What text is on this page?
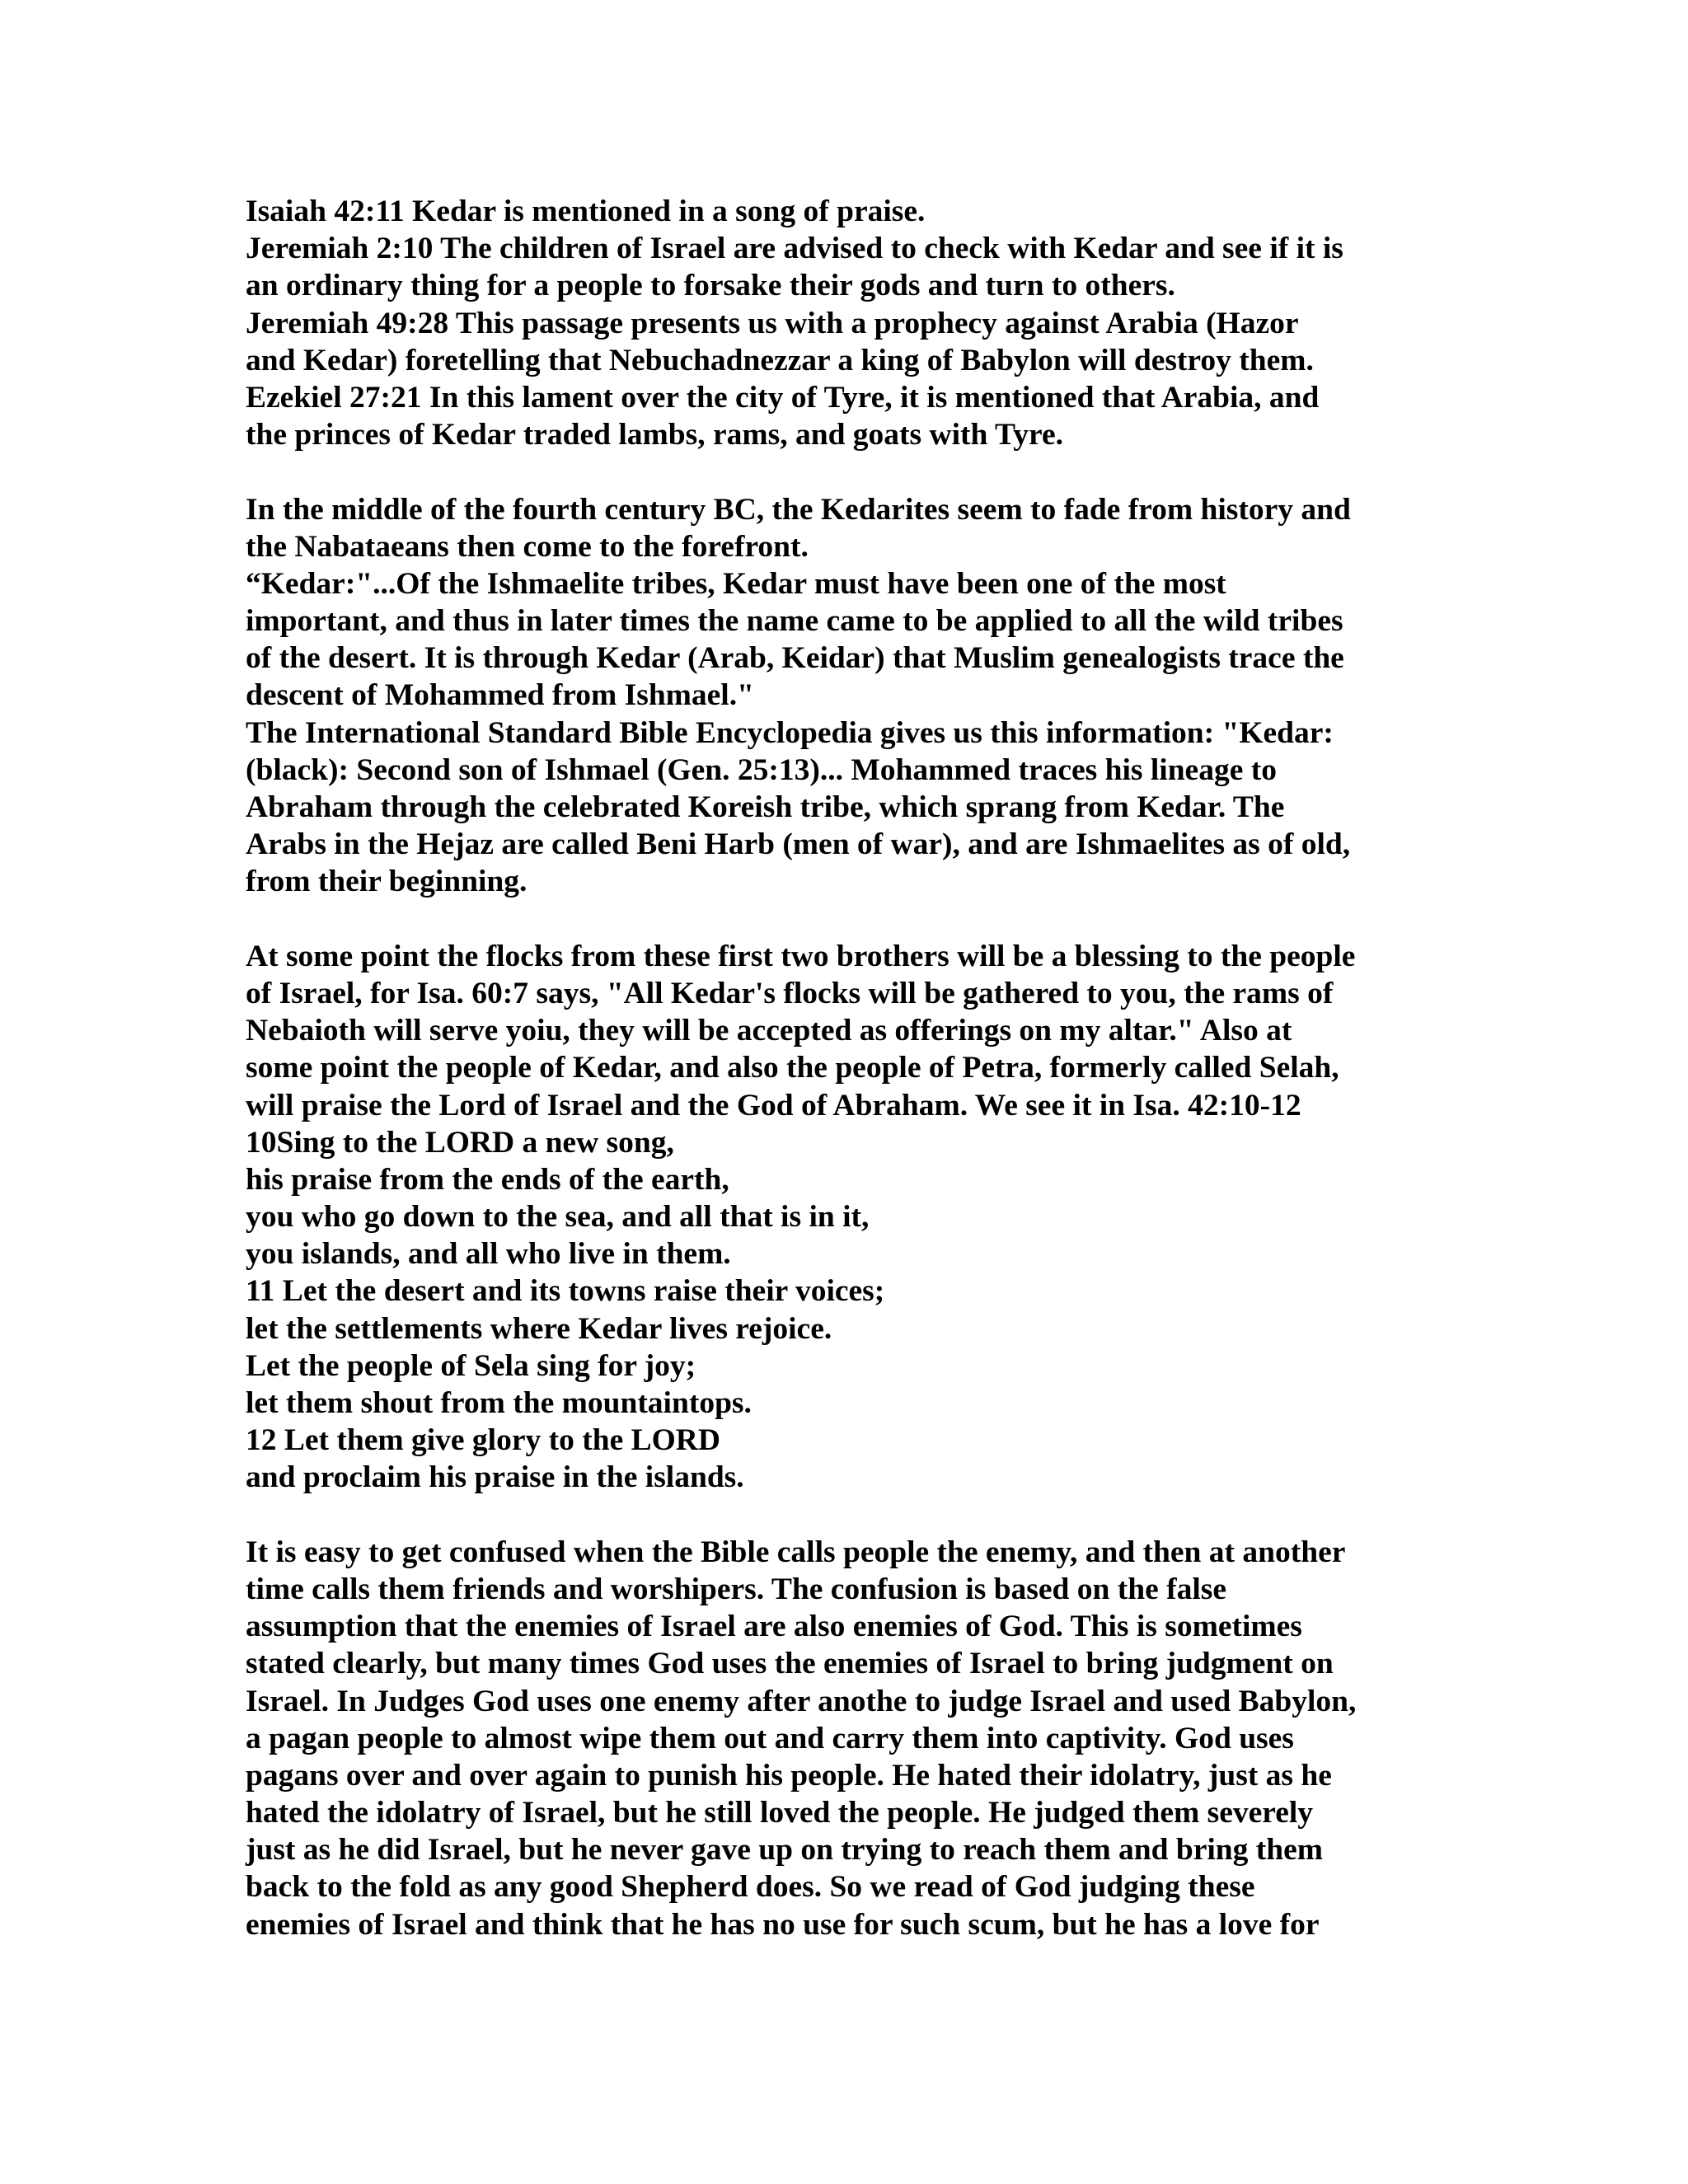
Isaiah 42:11 Kedar is mentioned in a song of praise.
Jeremiah 2:10 The children of Israel are advised to check with Kedar and see if it is
an ordinary thing for a people to forsake their gods and turn to others.
Jeremiah 49:28 This passage presents us with a prophecy against Arabia (Hazor
and Kedar) foretelling that Nebuchadnezzar a king of Babylon will destroy them.
Ezekiel 27:21 In this lament over the city of Tyre, it is mentioned that Arabia, and
the princes of Kedar traded lambs, rams, and goats with Tyre.
In the middle of the fourth century BC, the Kedarites seem to fade from history and
the Nabataeans then come to the forefront.
“Kedar:"...Of the Ishmaelite tribes, Kedar must have been one of the most
important, and thus in later times the name came to be applied to all the wild tribes
of the desert. It is through Kedar (Arab, Keidar) that Muslim genealogists trace the
descent of Mohammed from Ishmael."
The International Standard Bible Encyclopedia gives us this information: "Kedar:
(black): Second son of Ishmael (Gen. 25:13)... Mohammed traces his lineage to
Abraham through the celebrated Koreish tribe, which sprang from Kedar. The
Arabs in the Hejaz are called Beni Harb (men of war), and are Ishmaelites as of old,
from their beginning.
At some point the flocks from these first two brothers will be a blessing to the people
of Israel, for Isa. 60:7 says, "All Kedar's flocks will be gathered to you, the rams of
Nebaioth will serve yoiu, they will be accepted as offerings on my altar." Also at
some point the people of Kedar, and also the people of Petra, formerly called Selah,
will praise the Lord of Israel and the God of Abraham. We see it in Isa. 42:10-12
10Sing to the LORD a new song,
his praise from the ends of the earth,
you who go down to the sea, and all that is in it,
you islands, and all who live in them.
11 Let the desert and its towns raise their voices;
let the settlements where Kedar lives rejoice.
Let the people of Sela sing for joy;
let them shout from the mountaintops.
12 Let them give glory to the LORD
and proclaim his praise in the islands.
It is easy to get confused when the Bible calls people the enemy, and then at another
time calls them friends and worshipers. The confusion is based on the false
assumption that the enemies of Israel are also enemies of God. This is sometimes
stated clearly, but many times God uses the enemies of Israel to bring judgment on
Israel. In Judges God uses one enemy after anothe to judge Israel and used Babylon,
a pagan people to almost wipe them out and carry them into captivity. God uses
pagans over and over again to punish his people. He hated their idolatry, just as he
hated the idolatry of Israel, but he still loved the people. He judged them severely
just as he did Israel, but he never gave up on trying to reach them and bring them
back to the fold as any good Shepherd does. So we read of God judging these
enemies of Israel and think that he has no use for such scum, but he has a love for
